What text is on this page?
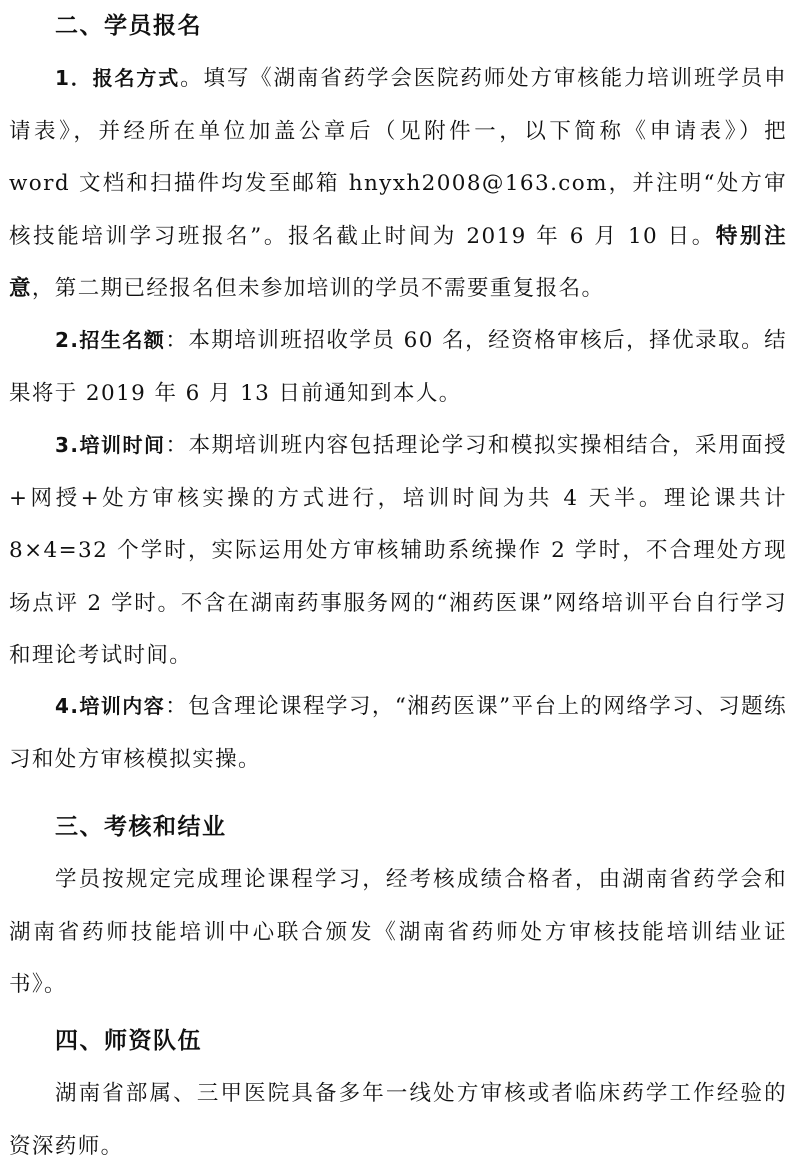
二、学员报名

1．报名方式。填写《湖南省药学会医院药师处方审核能力培训班学员申请表》，并经所在单位加盖公章后（见附件一，以下简称《申请表》）把 word 文档和扫描件均发至邮箱 hnyxh2008@163.com，并注明“处方审核技能培训学习班报名”。报名截止时间为 2019 年 6 月 10 日。特别注意，第二期已经报名但未参加培训的学员不需要重复报名。

2.招生名额：本期培训班招收学员 60 名，经资格审核后，择优录取。结果将于 2019 年 6 月 13 日前通知到本人。

3.培训时间：本期培训班内容包括理论学习和模拟实操相结合，采用面授+网授+处方审核实操的方式进行，培训时间为共 4 天半。理论课共计 8×4=32 个学时，实际运用处方审核辅助系统操作 2 学时，不合理处方现场点评 2 学时。不含在湖南药事服务网的“湘药医课”网络培训平台自行学习和理论考试时间。

4.培训内容：包含理论课程学习，“湘药医课”平台上的网络学习、习题练习和处方审核模拟实操。

三、考核和结业

学员按规定完成理论课程学习，经考核成绩合格者，由湖南省药学会和湖南省药师技能培训中心联合颁发《湖南省药师处方审核技能培训结业证书》。

四、师资队伍

湖南省部属、三甲医院具备多年一线处方审核或者临床药学工作经验的资深药师。
